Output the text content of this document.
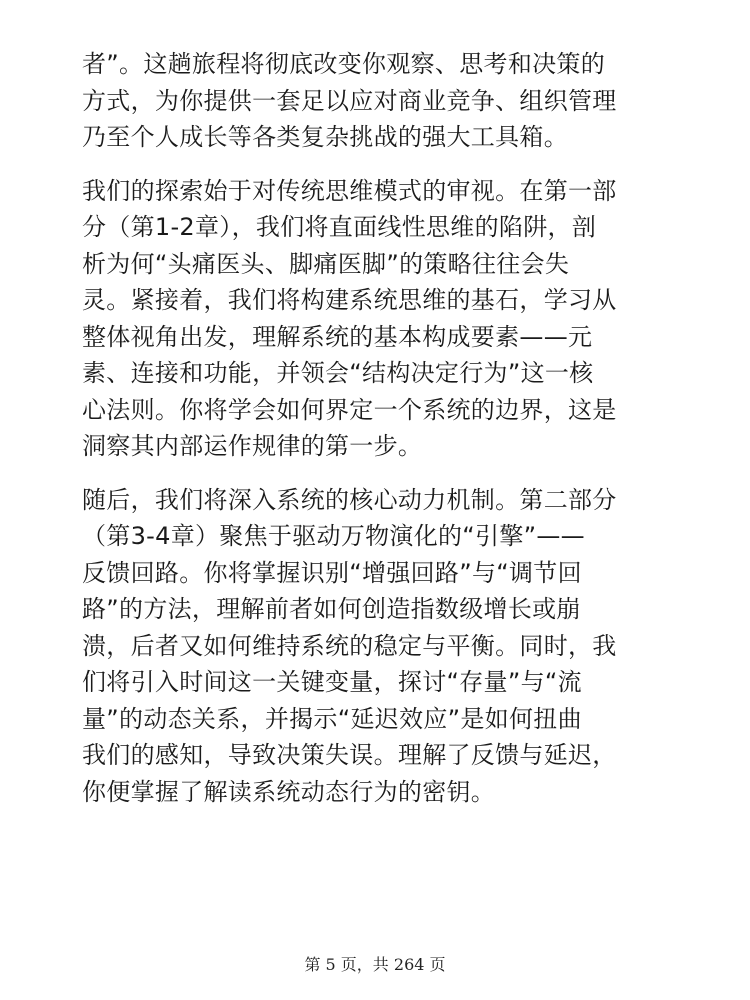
者”。这趟旅程将彻底改变你观察、思考和决策的
方式，为你提供一套足以应对商业竞争、组织管理
乃至个人成长等各类复杂挑战的强大工具箱。

我们的探索始于对传统思维模式的审视。在第一部
分（第1-2章），我们将直面线性思维的陷阱，剖
析为何“头痛医头、脚痛医脚”的策略往往会失
灵。紧接着，我们将构建系统思维的基石，学习从
整体视角出发，理解系统的基本构成要素——元
素、连接和功能，并领会“结构决定行为”这一核
心法则。你将学会如何界定一个系统的边界，这是
洞察其内部运作规律的第一步。

随后，我们将深入系统的核心动力机制。第二部分
（第3-4章）聚焦于驱动万物演化的“引擎”——
反馈回路。你将掌握识别“增强回路”与“调节回
路”的方法，理解前者如何创造指数级增长或崩
溃，后者又如何维持系统的稳定与平衡。同时，我
们将引入时间这一关键变量，探讨“存量”与“流
量”的动态关系，并揭示“延迟效应”是如何扭曲
我们的感知，导致决策失误。理解了反馈与延迟，
你便掌握了解读系统动态行为的密钥。

第 5 页，共 264 页
